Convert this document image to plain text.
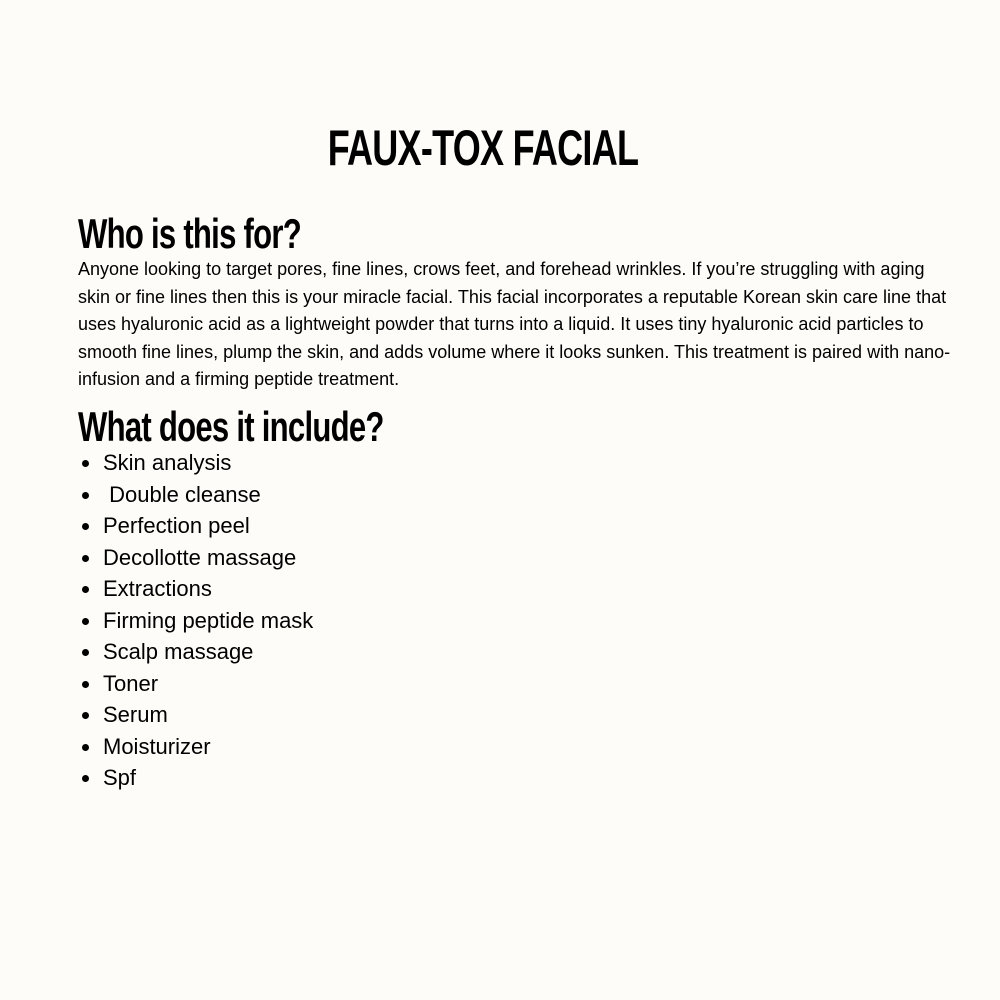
FAUX-TOX FACIAL
Who is this for?

Anyone looking to target pores, fine lines, crows feet, and forehead wrinkles. If you’re struggling with aging skin or fine lines then this is your miracle facial. This facial incorporates a reputable Korean skin care line that uses hyaluronic acid as a lightweight powder that turns into a liquid. It uses tiny hyaluronic acid particles to smooth fine lines, plump the skin, and adds volume where it looks sunken. This treatment is paired with nano-infusion and a firming peptide treatment.

What does it include?
Skin analysis
Double cleanse
Perfection peel
Decollotte massage
Extractions
Firming peptide mask
Scalp massage
Toner
Serum
Moisturizer
Spf
